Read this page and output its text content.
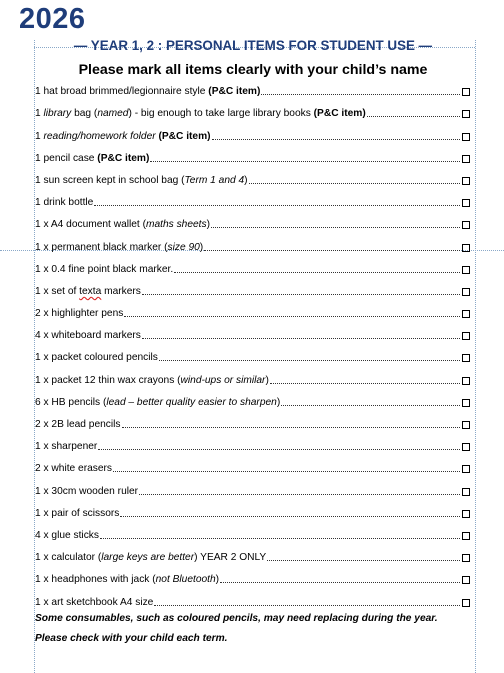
2026
— YEAR 1, 2 : PERSONAL ITEMS FOR STUDENT USE —
Please mark all items clearly with your child’s name
1 hat broad brimmed/legionnaire style (P&C item)
1 library bag (named) - big enough to take large library books (P&C item)
1 reading/homework folder (P&C item)
1 pencil case (P&C item)
1 sun screen kept in school bag (Term 1 and 4)
1 drink bottle
1 x A4 document wallet (maths sheets)
1 x permanent black marker (size 90)
1 x 0.4 fine point black marker.
1 x set of texta markers
2 x highlighter pens
4 x whiteboard markers
1 x packet coloured pencils
1 x packet 12 thin wax crayons (wind-ups or similar)
6 x HB pencils (lead – better quality easier to sharpen)
2 x 2B lead pencils
1 x sharpener
2 x white erasers
1 x 30cm wooden ruler
1 x pair of scissors
4 x glue sticks
1 x calculator (large keys are better) YEAR 2 ONLY
1 x headphones with jack (not Bluetooth)
1 x art sketchbook A4 size
Some consumables, such as coloured pencils, may need replacing during the year.
Please check with your child each term.
